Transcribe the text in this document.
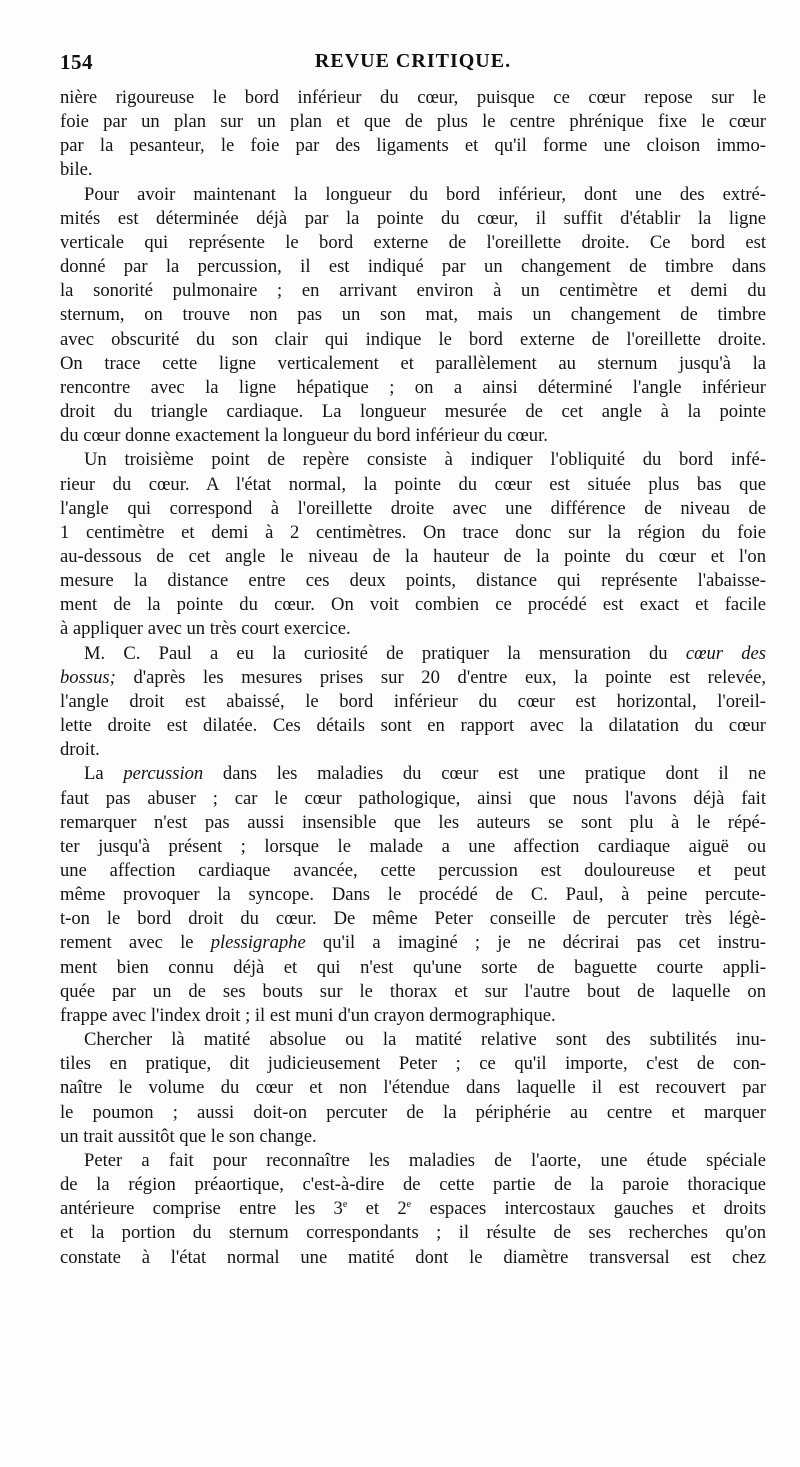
154	REVUE CRITIQUE.
nière rigoureuse le bord inférieur du cœur, puisque ce cœur repose sur le
foie par un plan sur un plan et que de plus le centre phrénique fixe le cœur
par la pesanteur, le foie par des ligaments et qu'il forme une cloison immo-
bile.
Pour avoir maintenant la longueur du bord inférieur, dont une des extré-
mités est déterminée déjà par la pointe du cœur, il suffit d'établir la ligne
verticale qui représente le bord externe de l'oreillette droite. Ce bord est
donné par la percussion, il est indiqué par un changement de timbre dans
la sonorité pulmonaire ; en arrivant environ à un centimètre et demi du
sternum, on trouve non pas un son mat, mais un changement de timbre
avec obscurité du son clair qui indique le bord externe de l'oreillette droite.
On trace cette ligne verticalement et parallèlement au sternum jusqu'à la
rencontre avec la ligne hépatique ; on a ainsi déterminé l'angle inférieur
droit du triangle cardiaque. La longueur mesurée de cet angle à la pointe
du cœur donne exactement la longueur du bord inférieur du cœur.
Un troisième point de repère consiste à indiquer l'obliquité du bord infé-
rieur du cœur. A l'état normal, la pointe du cœur est située plus bas que
l'angle qui correspond à l'oreillette droite avec une différence de niveau de
1 centimètre et demi à 2 centimètres. On trace donc sur la région du foie
au-dessous de cet angle le niveau de la hauteur de la pointe du cœur et l'on
mesure la distance entre ces deux points, distance qui représente l'abaisse-
ment de la pointe du cœur. On voit combien ce procédé est exact et facile
à appliquer avec un très court exercice.
M. C. Paul a eu la curiosité de pratiquer la mensuration du cœur des
bossus; d'après les mesures prises sur 20 d'entre eux, la pointe est relevée,
l'angle droit est abaissé, le bord inférieur du cœur est horizontal, l'oreil-
lette droite est dilatée. Ces détails sont en rapport avec la dilatation du cœur
droit.
La percussion dans les maladies du cœur est une pratique dont il ne
faut pas abuser ; car le cœur pathologique, ainsi que nous l'avons déjà fait
remarquer n'est pas aussi insensible que les auteurs se sont plu à le répé-
ter jusqu'à présent ; lorsque le malade a une affection cardiaque aiguë ou
une affection cardiaque avancée, cette percussion est douloureuse et peut
même provoquer la syncope. Dans le procédé de C. Paul, à peine percute-
t-on le bord droit du cœur. De même Peter conseille de percuter très légè-
rement avec le plessigraphe qu'il a imaginé ; je ne décrirai pas cet instru-
ment bien connu déjà et qui n'est qu'une sorte de baguette courte appli-
quée par un de ses bouts sur le thorax et sur l'autre bout de laquelle on
frappe avec l'index droit ; il est muni d'un crayon dermographique.
Chercher là matité absolue ou la matité relative sont des subtilités inu-
tiles en pratique, dit judicieusement Peter ; ce qu'il importe, c'est de con-
naître le volume du cœur et non l'étendue dans laquelle il est recouvert par
le poumon ; aussi doit-on percuter de la périphérie au centre et marquer
un trait aussitôt que le son change.
Peter a fait pour reconnaître les maladies de l'aorte, une étude spéciale
de la région préaortique, c'est-à-dire de cette partie de la paroie thoracique
antérieure comprise entre les 3e et 2e espaces intercostaux gauches et droits
et la portion du sternum correspondants ; il résulte de ses recherches qu'on
constate à l'état normal une matité dont le diamètre transversal est chez
